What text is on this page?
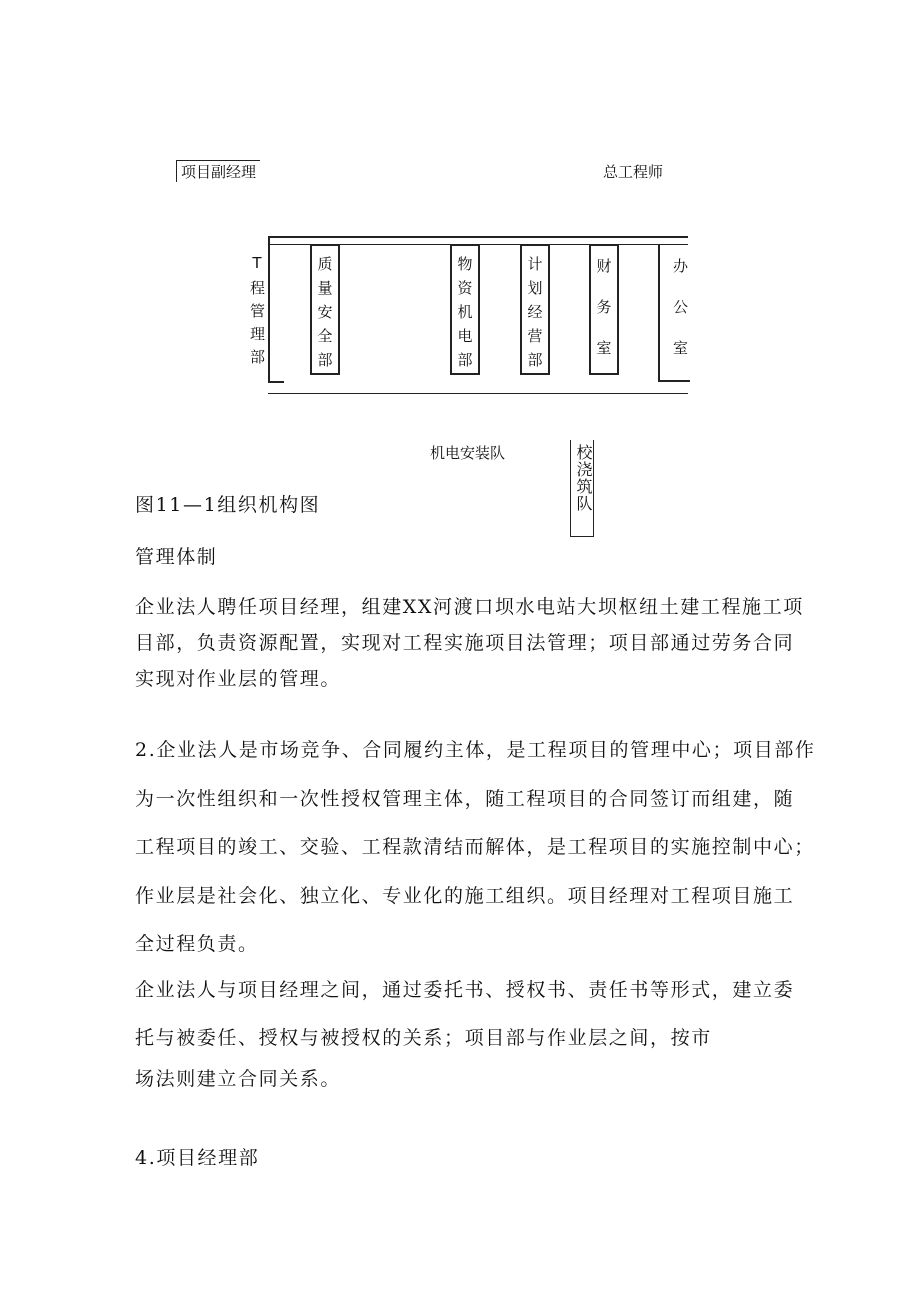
项目副经理	总工程师
T程管理部	质量安全部	物资机电部	计划经营部	财务室	办公室
机电安装队	校浇筑队
图11—1组织机构图
管理体制
企业法人聘任项目经理，组建XX河渡口坝水电站大坝枢纽土建工程施工项
目部，负责资源配置，实现对工程实施项目法管理；项目部通过劳务合同
实现对作业层的管理。
2.企业法人是市场竞争、合同履约主体，是工程项目的管理中心；项目部作
为一次性组织和一次性授权管理主体，随工程项目的合同签订而组建，随
工程项目的竣工、交验、工程款清结而解体，是工程项目的实施控制中心；
作业层是社会化、独立化、专业化的施工组织。项目经理对工程项目施工
全过程负责。
企业法人与项目经理之间，通过委托书、授权书、责任书等形式，建立委
托与被委任、授权与被授权的关系；项目部与作业层之间，按市
场法则建立合同关系。
4.项目经理部
